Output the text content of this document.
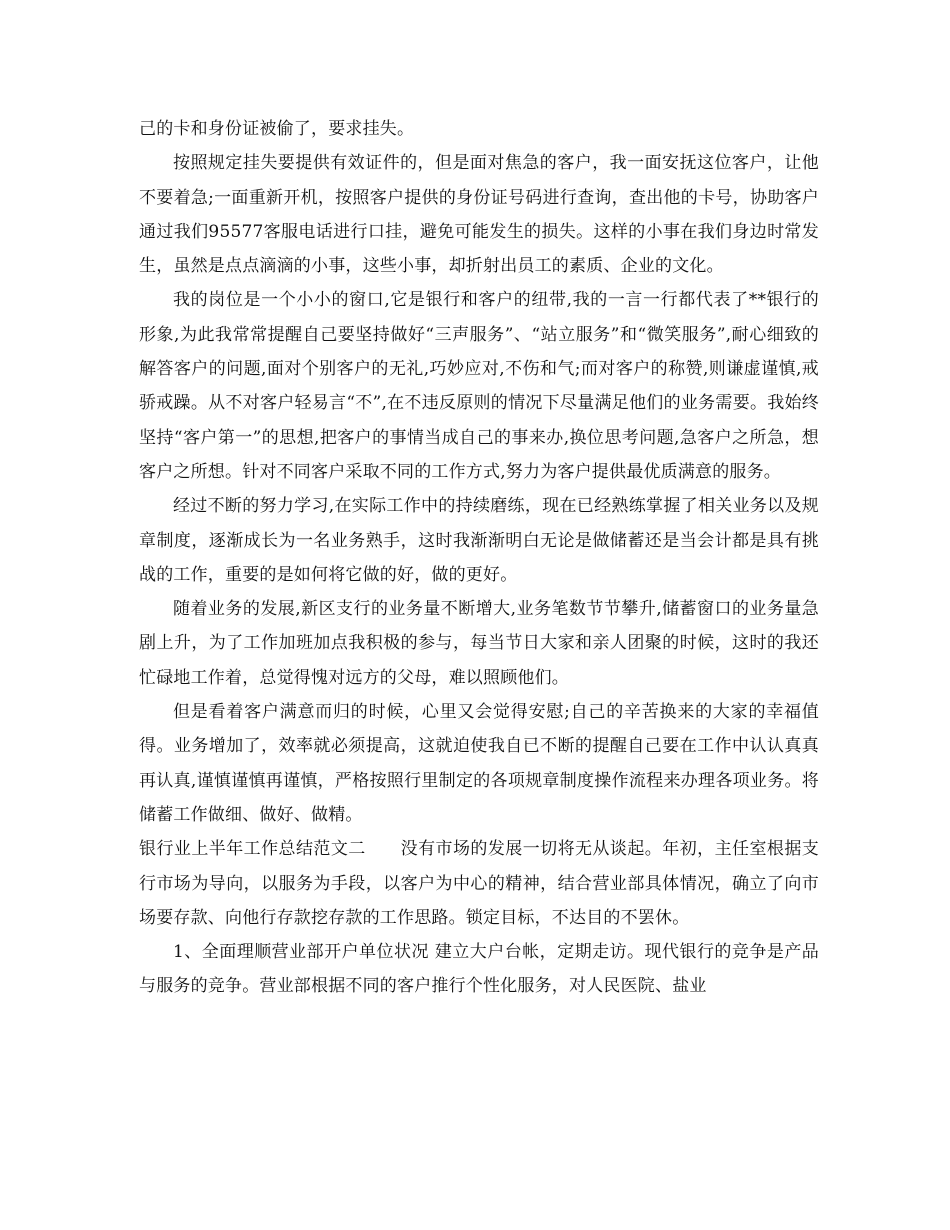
己的卡和身份证被偷了，要求挂失。

按照规定挂失要提供有效证件的，但是面对焦急的客户，我一面安抚这位客户，让他不要着急;一面重新开机，按照客户提供的身份证号码进行查询，查出他的卡号，协助客户通过我们95577客服电话进行口挂，避免可能发生的损失。这样的小事在我们身边时常发生，虽然是点点滴滴的小事，这些小事，却折射出员工的素质、企业的文化。

我的岗位是一个小小的窗口,它是银行和客户的纽带,我的一言一行都代表了**银行的形象,为此我常常提醒自己要坚持做好“三声服务”、“站立服务”和“微笑服务”,耐心细致的解答客户的问题,面对个别客户的无礼,巧妙应对,不伤和气;而对客户的称赞,则谦虚谨慎,戒骄戒躁。从不对客户轻易言“不”,在不违反原则的情况下尽量满足他们的业务需要。我始终坚持“客户第一”的思想,把客户的事情当成自己的事来办,换位思考问题,急客户之所急，想客户之所想。针对不同客户采取不同的工作方式,努力为客户提供最优质满意的服务。

经过不断的努力学习,在实际工作中的持续磨练，现在已经熟练掌握了相关业务以及规章制度，逐渐成长为一名业务熟手，这时我渐渐明白无论是做储蓄还是当会计都是具有挑战的工作，重要的是如何将它做的好，做的更好。

随着业务的发展,新区支行的业务量不断增大,业务笔数节节攀升,储蓄窗口的业务量急剧上升，为了工作加班加点我积极的参与，每当节日大家和亲人团聚的时候，这时的我还忙碌地工作着，总觉得愧对远方的父母，难以照顾他们。

但是看着客户满意而归的时候，心里又会觉得安慰;自己的辛苦换来的大家的幸福值得。业务增加了，效率就必须提高，这就迫使我自已不断的提醒自己要在工作中认认真真再认真,谨慎谨慎再谨慎，严格按照行里制定的各项规章制度操作流程来办理各项业务。将储蓄工作做细、做好、做精。

银行业上半年工作总结范文二　　没有市场的发展一切将无从谈起。年初，主任室根据支行市场为导向，以服务为手段，以客户为中心的精神，结合营业部具体情况，确立了向市场要存款、向他行存款挖存款的工作思路。锁定目标，不达目的不罢休。

1、全面理顺营业部开户单位状况 建立大户台帐，定期走访。现代银行的竞争是产品与服务的竞争。营业部根据不同的客户推行个性化服务，对人民医院、盐业
